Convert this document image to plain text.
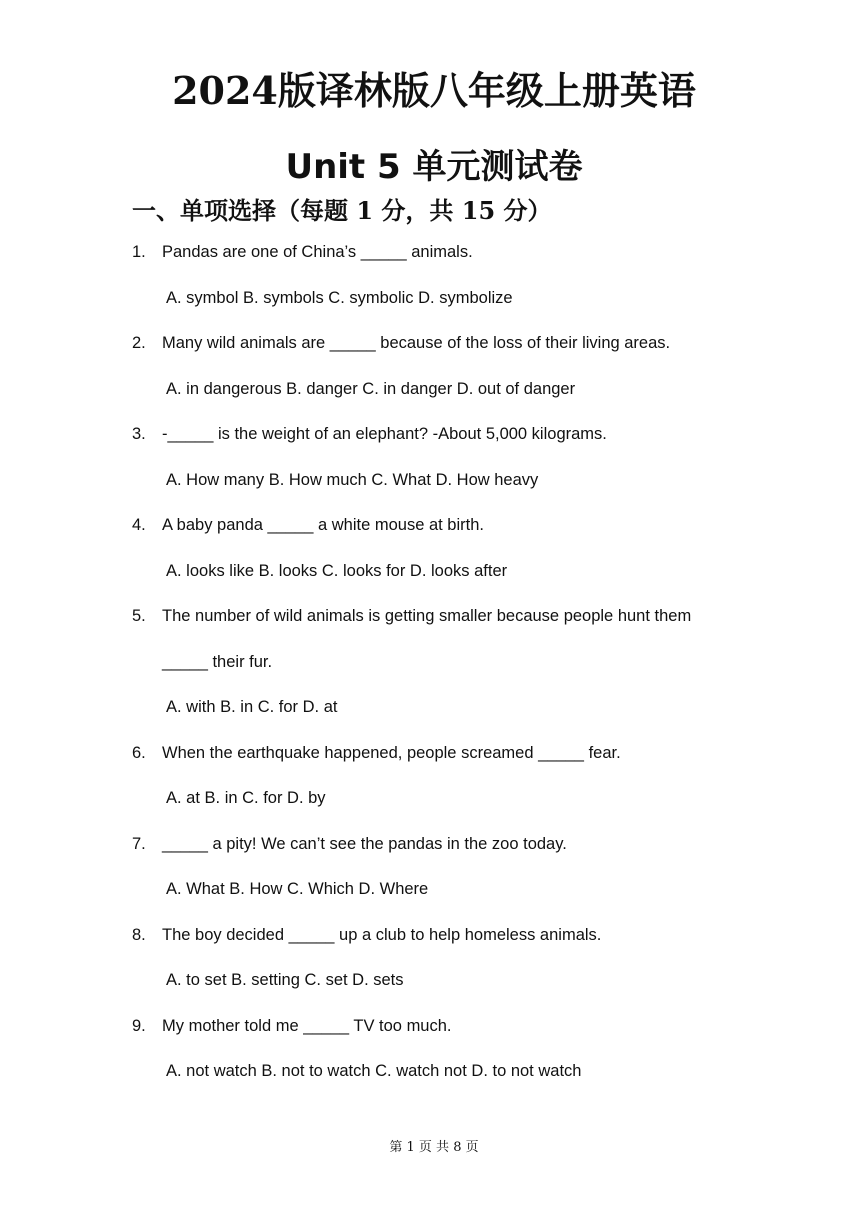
2024版译林版八年级上册英语
Unit 5 单元测试卷
一、单项选择（每题 1 分，共 15 分）
1. Pandas are one of China’s _____ animals.
A. symbol B. symbols C. symbolic D. symbolize
2. Many wild animals are _____ because of the loss of their living areas.
A. in dangerous B. danger C. in danger D. out of danger
3. -_____ is the weight of an elephant? -About 5,000 kilograms.
A. How many B. How much C. What D. How heavy
4. A baby panda _____ a white mouse at birth.
A. looks like B. looks C. looks for D. looks after
5. The number of wild animals is getting smaller because people hunt them
_____ their fur.
A. with B. in C. for D. at
6. When the earthquake happened, people screamed _____ fear.
A. at B. in C. for D. by
7. _____ a pity! We can’t see the pandas in the zoo today.
A. What B. How C. Which D. Where
8. The boy decided _____ up a club to help homeless animals.
A. to set B. setting C. set D. sets
9. My mother told me _____ TV too much.
A. not watch B. not to watch C. watch not D. to not watch
第 1 页 共 8 页
